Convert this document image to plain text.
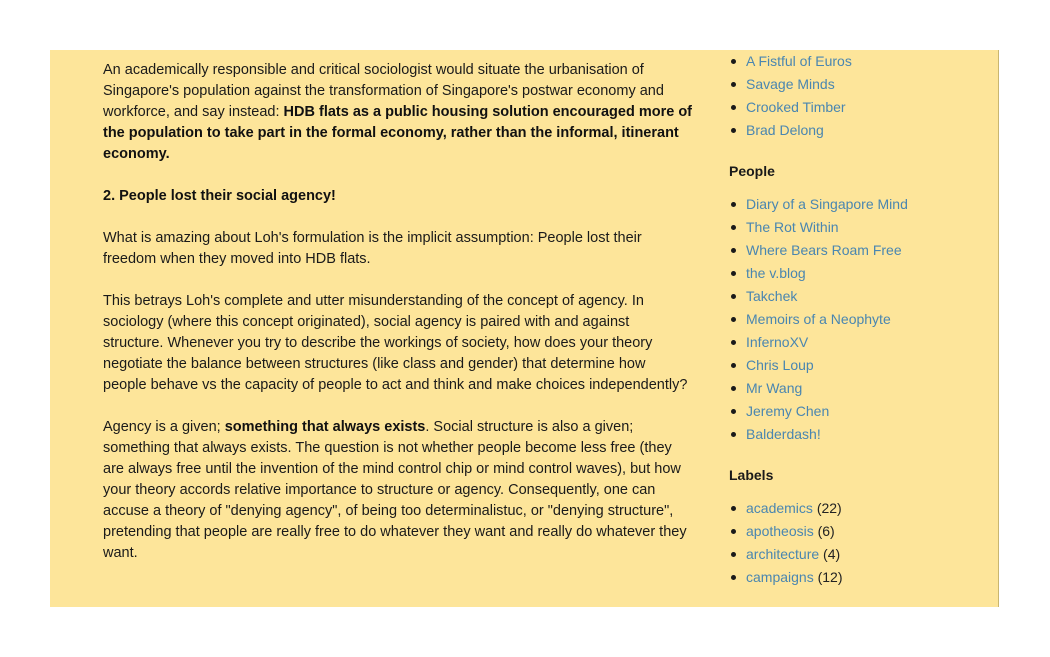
An academically responsible and critical sociologist would situate the urbanisation of Singapore's population against the transformation of Singapore's postwar economy and workforce, and say instead: HDB flats as a public housing solution encouraged more of the population to take part in the formal economy, rather than the informal, itinerant economy.

2. People lost their social agency!

What is amazing about Loh's formulation is the implicit assumption: People lost their freedom when they moved into HDB flats.

This betrays Loh's complete and utter misunderstanding of the concept of agency. In sociology (where this concept originated), social agency is paired with and against structure. Whenever you try to describe the workings of society, how does your theory negotiate the balance between structures (like class and gender) that determine how people behave vs the capacity of people to act and think and make choices independently?

Agency is a given; something that always exists. Social structure is also a given; something that always exists. The question is not whether people become less free (they are always free until the invention of the mind control chip or mind control waves), but how your theory accords relative importance to structure or agency. Consequently, one can accuse a theory of "denying agency", of being too determinalistuc, or "denying structure", pretending that people are really free to do whatever they want and really do whatever they want.

A Fistful of Euros
Savage Minds
Crooked Timber
Brad Delong
People
Diary of a Singapore Mind
The Rot Within
Where Bears Roam Free
the v.blog
Takchek
Memoirs of a Neophyte
InfernoXV
Chris Loup
Mr Wang
Jeremy Chen
Balderdash!
Labels
academics (22)
apotheosis (6)
architecture (4)
campaigns (12)
